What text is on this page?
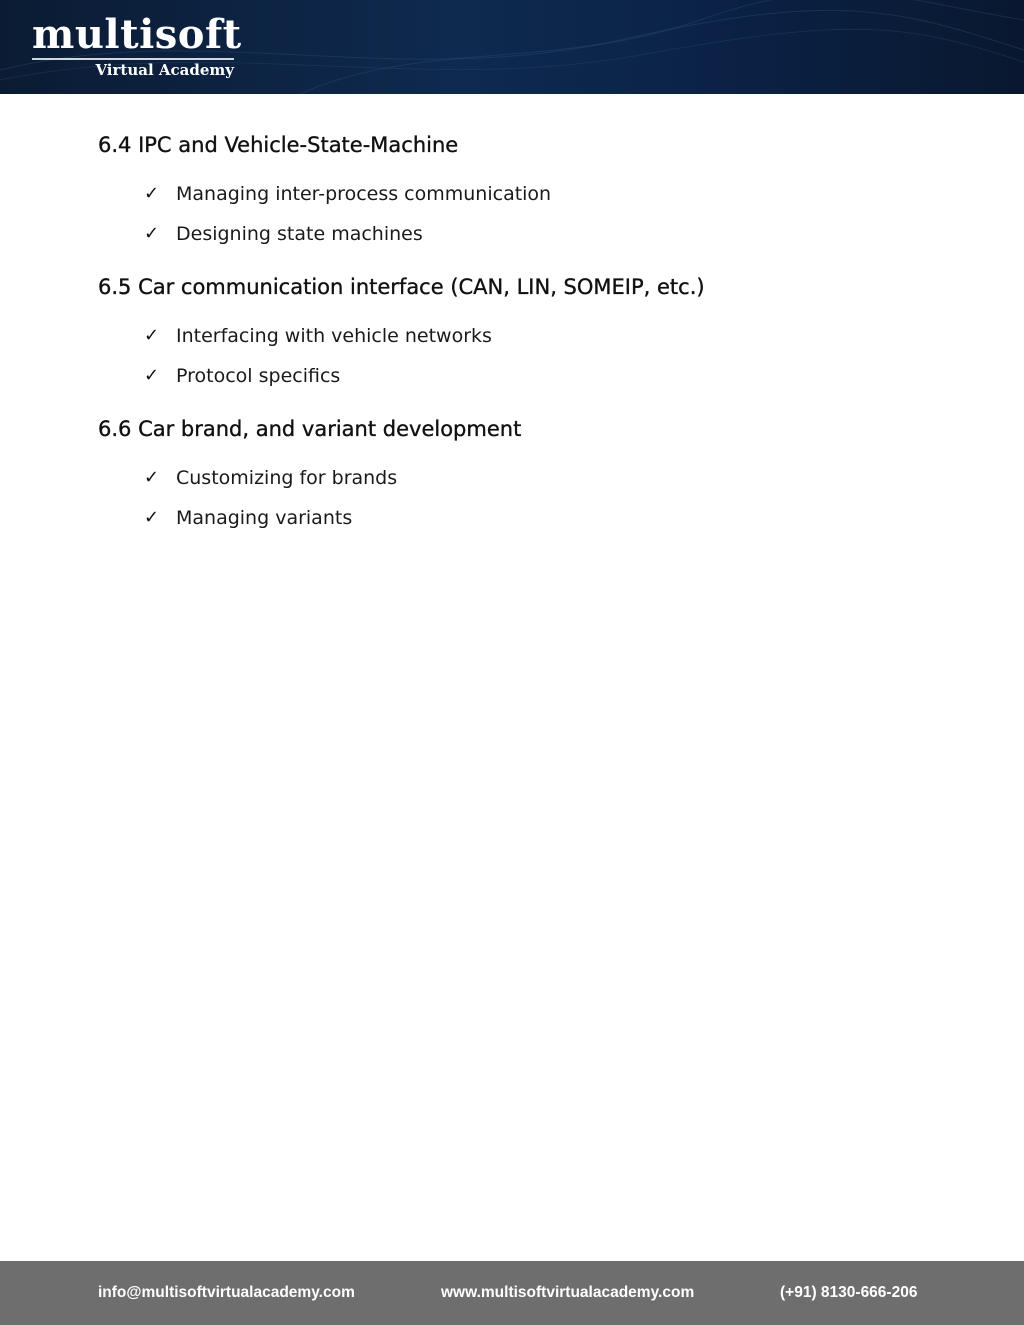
multisoft
Virtual Academy
6.4 IPC and Vehicle-State-Machine
✓ Managing inter-process communication
✓ Designing state machines
6.5 Car communication interface (CAN, LIN, SOMEIP, etc.)
✓ Interfacing with vehicle networks
✓ Protocol specifics
6.6 Car brand, and variant development
✓ Customizing for brands
✓ Managing variants
info@multisoftvirtualacademy.com	www.multisoftvirtualacademy.com	(+91) 8130-666-206
